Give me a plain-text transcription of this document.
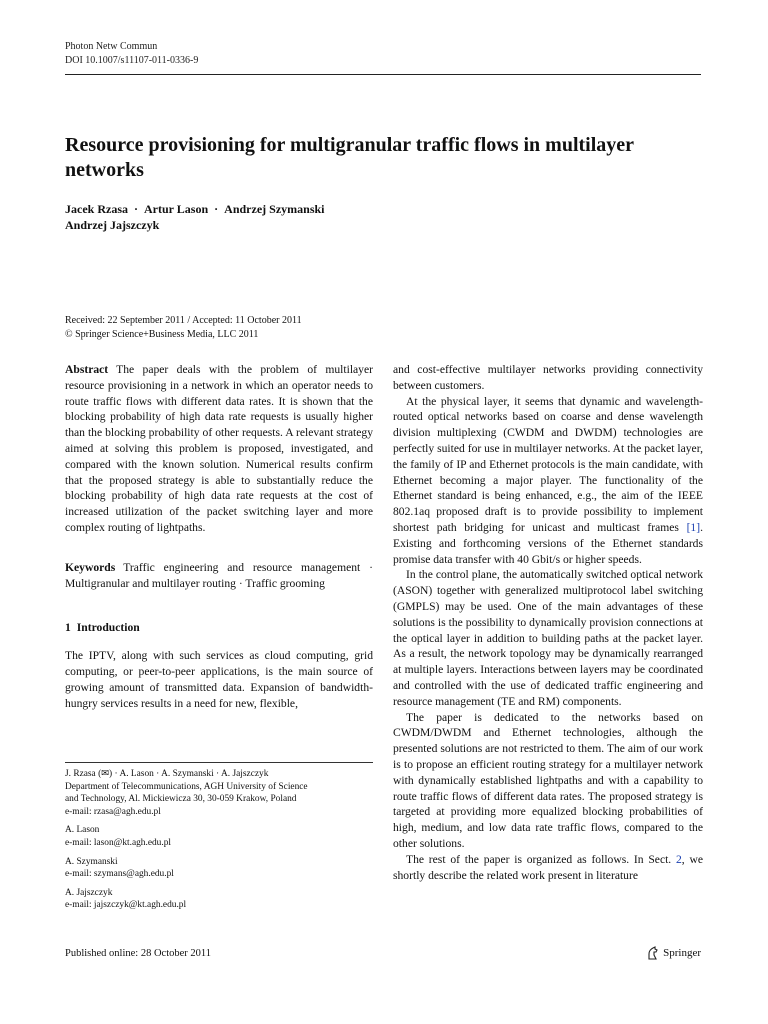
Photon Netw Commun
DOI 10.1007/s11107-011-0336-9
Resource provisioning for multigranular traffic flows in multilayer networks
Jacek Rzasa · Artur Lason · Andrzej Szymanski
Andrzej Jajszczyk
Received: 22 September 2011 / Accepted: 11 October 2011
© Springer Science+Business Media, LLC 2011

Abstract The paper deals with the problem of multilayer resource provisioning in a network in which an operator needs to route traffic flows with different data rates. It is shown that the blocking probability of high data rate requests is usually higher than the blocking probability of other requests. A relevant strategy aimed at solving this problem is proposed, investigated, and compared with the known solution. Numerical results confirm that the proposed strategy is able to substantially reduce the blocking probability of high data rate requests at the cost of increased utilization of the packet switching layer and more complex routing of lightpaths.

Keywords Traffic engineering and resource management · Multigranular and multilayer routing · Traffic grooming

1 Introduction

The IPTV, along with such services as cloud computing, grid computing, or peer-to-peer applications, is the main source of growing amount of transmitted data. Expansion of bandwidth-hungry services results in a need for new, flexible,

J. Rzasa (✉) · A. Lason · A. Szymanski · A. Jajszczyk
Department of Telecommunications, AGH University of Science
and Technology, Al. Mickiewicza 30, 30-059 Krakow, Poland
e-mail: rzasa@agh.edu.pl
A. Lason
e-mail: lason@kt.agh.edu.pl
A. Szymanski
e-mail: szymans@agh.edu.pl
A. Jajszczyk
e-mail: jajszczyk@kt.agh.edu.pl

and cost-effective multilayer networks providing connectivity between customers.

At the physical layer, it seems that dynamic and wavelength-routed optical networks based on coarse and dense wavelength division multiplexing (CWDM and DWDM) technologies are perfectly suited for use in multilayer networks. At the packet layer, the family of IP and Ethernet protocols is the main candidate, with Ethernet becoming a major player. The functionality of the Ethernet standard is being enhanced, e.g., the aim of the IEEE 802.1aq proposed draft is to provide possibility to implement shortest path bridging for unicast and multicast frames [1]. Existing and forthcoming versions of the Ethernet standards promise data transfer with 40 Gbit/s or higher speeds.

In the control plane, the automatically switched optical network (ASON) together with generalized multiprotocol label switching (GMPLS) may be used. One of the main advantages of these solutions is the possibility to dynamically provision connections at the optical layer in addition to building paths at the packet layer. As a result, the network topology may be dynamically rearranged at multiple layers. Interactions between layers may be coordinated and controlled with the use of dedicated traffic engineering and resource management (TE and RM) components.

The paper is dedicated to the networks based on CWDM/DWDM and Ethernet technologies, although the presented solutions are not restricted to them. The aim of our work is to propose an efficient routing strategy for a multilayer network with dynamically established lightpaths and with a capability to route traffic flows of different data rates. The proposed strategy is targeted at providing more equalized blocking probabilities of high, medium, and low data rate traffic flows, compared to the other solutions.

The rest of the paper is organized as follows. In Sect. 2, we shortly describe the related work present in literature

Published online: 28 October 2011	Springer
